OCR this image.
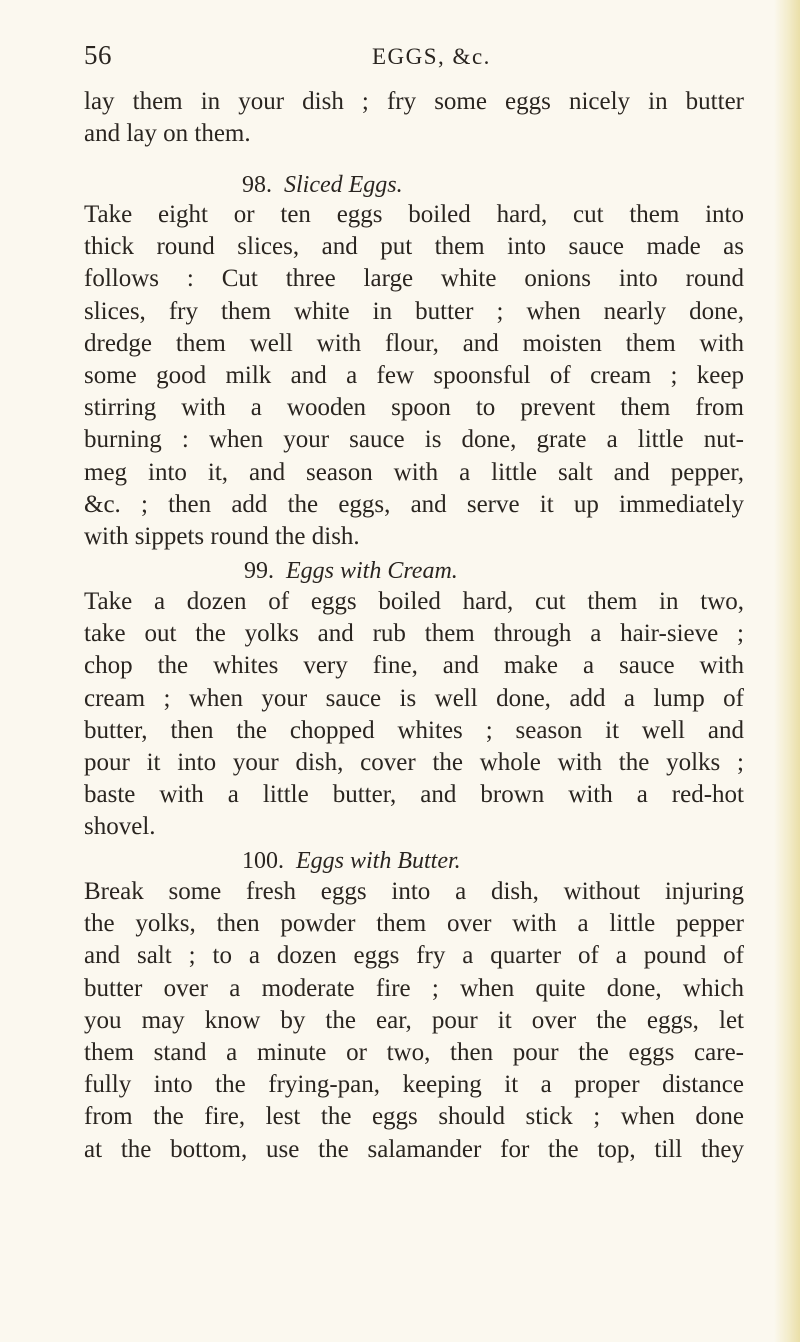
56	EGGS, &c.
lay them in your dish ; fry some eggs nicely in butter
and lay on them.
98. Sliced Eggs.
Take eight or ten eggs boiled hard, cut them into
thick round slices, and put them into sauce made as
follows : Cut three large white onions into round
slices, fry them white in butter ; when nearly done,
dredge them well with flour, and moisten them with
some good milk and a few spoonsful of cream ; keep
stirring with a wooden spoon to prevent them from
burning : when your sauce is done, grate a little nut-
meg into it, and season with a little salt and pepper,
&c. ; then add the eggs, and serve it up immediately
with sippets round the dish.
99. Eggs with Cream.
Take a dozen of eggs boiled hard, cut them in two,
take out the yolks and rub them through a hair-sieve ;
chop the whites very fine, and make a sauce with
cream ; when your sauce is well done, add a lump of
butter, then the chopped whites ; season it well and
pour it into your dish, cover the whole with the yolks ;
baste with a little butter, and brown with a red-hot
shovel.
100. Eggs with Butter.
Break some fresh eggs into a dish, without injuring
the yolks, then powder them over with a little pepper
and salt ; to a dozen eggs fry a quarter of a pound of
butter over a moderate fire ; when quite done, which
you may know by the ear, pour it over the eggs, let
them stand a minute or two, then pour the eggs care-
fully into the frying-pan, keeping it a proper distance
from the fire, lest the eggs should stick ; when done
at the bottom, use the salamander for the top, till they
